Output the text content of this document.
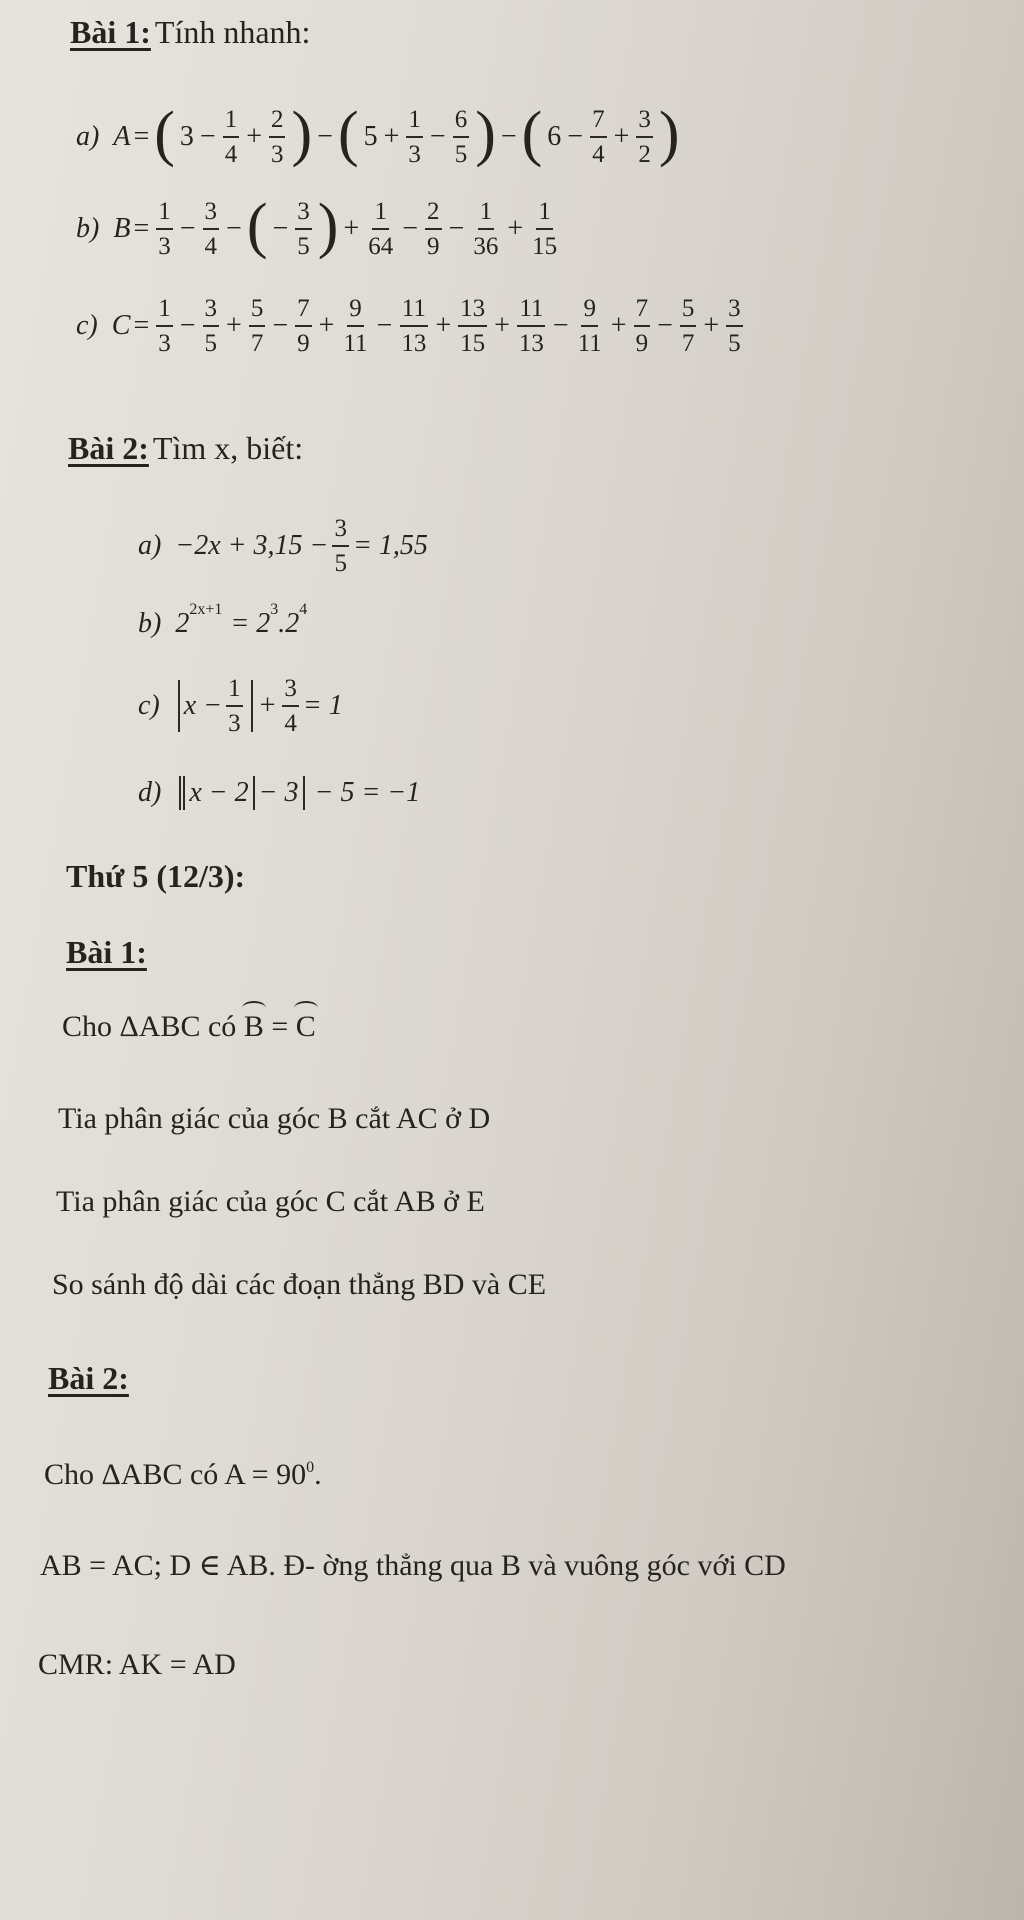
Bài 1: Tính nhanh:
a) A = ( $3 - \frac{1}{4} + \frac{2}{3}$ ) − ( $5 + \frac{1}{3} - \frac{6}{5}$ ) − ( $6 - \frac{7}{4} + \frac{3}{2}$ )
b) $B = \frac{1}{3} - \frac{3}{4}$ − ( − $\frac{3}{5}$ ) + $\frac{1}{64} - \frac{2}{9} - \frac{1}{36} + \frac{1}{15}$
c) $C = \frac{1}{3} - \frac{3}{5} + \frac{5}{7} - \frac{7}{9} + \frac{9}{11} - \frac{11}{13} + \frac{13}{15} + \frac{11}{13} - \frac{9}{11} + \frac{7}{9} - \frac{5}{7} + \frac{3}{5}$
Bài 2: Tìm x, biết:
$a) -2x + 3,15 - \frac{3}{5} = 1,55$
b) 2 2x+1 = 2 3 .2 4
c) $x - \frac{1}{3} + \frac{3}{4} = 1$
d) x − 2 − 3 − 5 = −1
Thứ 5 (12/3):
Bài 1:
Cho ΔABC có B = C
Tia phân giác của góc B cắt AC ở D
Tia phân giác của góc C cắt AB ở E
So sánh độ dài các đoạn thẳng BD và CE
Bài 2:
Cho ΔABC có $A = 90^0$.
AB = AC; D ∈ AB. Đ- ờng thẳng qua B và vuông góc với CD
CMR: AK = AD
